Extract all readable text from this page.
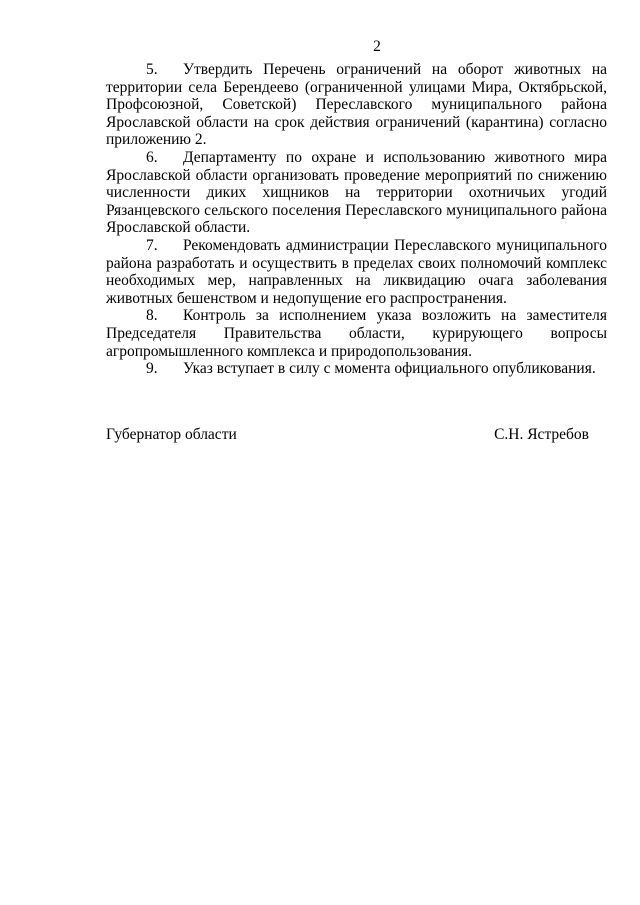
2
5. Утвердить Перечень ограничений на оборот животных на
территории села Берендеево (ограниченной улицами Мира, Октябрьской,
Профсоюзной, Советской) Переславского муниципального района
Ярославской области на срок действия ограничений (карантина) согласно
приложению 2.
6. Департаменту по охране и использованию животного мира
Ярославской области организовать проведение мероприятий по снижению
численности диких хищников на территории охотничьих угодий
Рязанцевского сельского поселения Переславского муниципального района
Ярославской области.
7. Рекомендовать администрации Переславского муниципального
района разработать и осуществить в пределах своих полномочий комплекс
необходимых мер, направленных на ликвидацию очага заболевания
животных бешенством и недопущение его распространения.
8. Контроль за исполнением указа возложить на заместителя
Председателя Правительства области, курирующего вопросы
агропромышленного комплекса и природопользования.
9. Указ вступает в силу с момента официального опубликования.
Губернатор области	С.Н. Ястребов
